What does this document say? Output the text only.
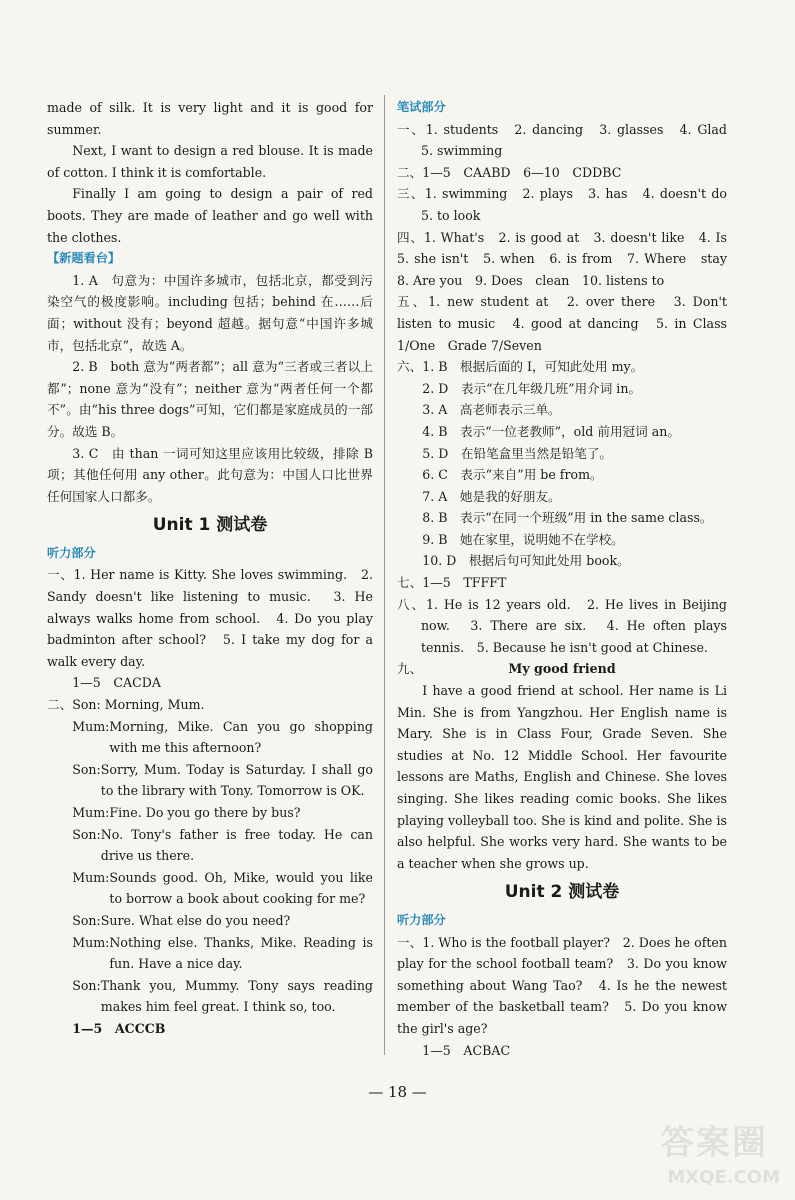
made of silk. It is very light and it is good for summer.

Next, I want to design a red blouse. It is made of cotton. I think it is comfortable.

Finally I am going to design a pair of red boots. They are made of leather and go well with the clothes.

【新题看台】

1. A　句意为：中国许多城市，包括北京，都受到污染空气的极度影响。including 包括；behind 在……后面；without 没有；beyond 超越。据句意“中国许多城市，包括北京”，故选 A。

2. B　both 意为“两者都”；all 意为“三者或三者以上都”；none 意为“没有”；neither 意为“两者任何一个都不”。由“his three dogs”可知，它们都是家庭成员的一部分。故选 B。

3. C　由 than 一词可知这里应该用比较级，排除 B 项；其他任何用 any other。此句意为：中国人口比世界任何国家人口都多。

Unit 1 测试卷

听力部分

一、1. Her name is Kitty. She loves swimming.　2. Sandy doesn't like listening to music.　3. He always walks home from school.　4. Do you play badminton after school?　5. I take my dog for a walk every day.

1—5　CACDA

二、Son: Morning, Mum.

Mum: Morning, Mike. Can you go shopping with me this afternoon?
Son: Sorry, Mum. Today is Saturday. I shall go to the library with Tony. Tomorrow is OK.
Mum: Fine. Do you go there by bus?
Son: No. Tony's father is free today. He can drive us there.
Mum: Sounds good. Oh, Mike, would you like to borrow a book about cooking for me?
Son: Sure. What else do you need?
Mum: Nothing else. Thanks, Mike. Reading is fun. Have a nice day.
Son: Thank you, Mummy. Tony says reading makes him feel great. I think so, too.

1—5　ACCCB

笔试部分

一、1. students　2. dancing　3. glasses　4. Glad　5. swimming

二、1—5　CAABD　6—10　CDDBC

三、1. swimming　2. plays　3. has　4. doesn't do　5. to look

四、1. What's　2. is good at　3. doesn't like　4. Is　5. she isn't　5. when　6. is from　7. Where　stay　8. Are you　9. Does　clean　10. listens to

五、1. new student at　2. over there　3. Don't listen to music　4. good at dancing　5. in Class 1/One　Grade 7/Seven

六、1. B　根据后面的 I，可知此处用 my。

2. D　表示“在几年级几班”用介词 in。

3. A　高老师表示三单。

4. B　表示“一位老教师”，old 前用冠词 an。

5. D　在铅笔盒里当然是铅笔了。

6. C　表示“来自”用 be from。

7. A　她是我的好朋友。

8. B　表示“在同一个班级”用 in the same class。

9. B　她在家里，说明她不在学校。

10. D　根据后句可知此处用 book。

七、1—5　TFFFT

八、1. He is 12 years old.　2. He lives in Beijing now.　3. There are six.　4. He often plays tennis.　5. Because he isn't good at Chinese.

九、	My good friend

I have a good friend at school. Her name is Li Min. She is from Yangzhou. Her English name is Mary. She is in Class Four, Grade Seven. She studies at No. 12 Middle School. Her favourite lessons are Maths, English and Chinese. She loves singing. She likes reading comic books. She likes playing volleyball too. She is kind and polite. She is also helpful. She works very hard. She wants to be a teacher when she grows up.

Unit 2 测试卷

听力部分

一、1. Who is the football player?　2. Does he often play for the school football team?　3. Do you know something about Wang Tao?　4. Is he the newest member of the basketball team?　5. Do you know the girl's age?

1—5　ACBAC

— 18 —
答案圈
MXQE.COM
